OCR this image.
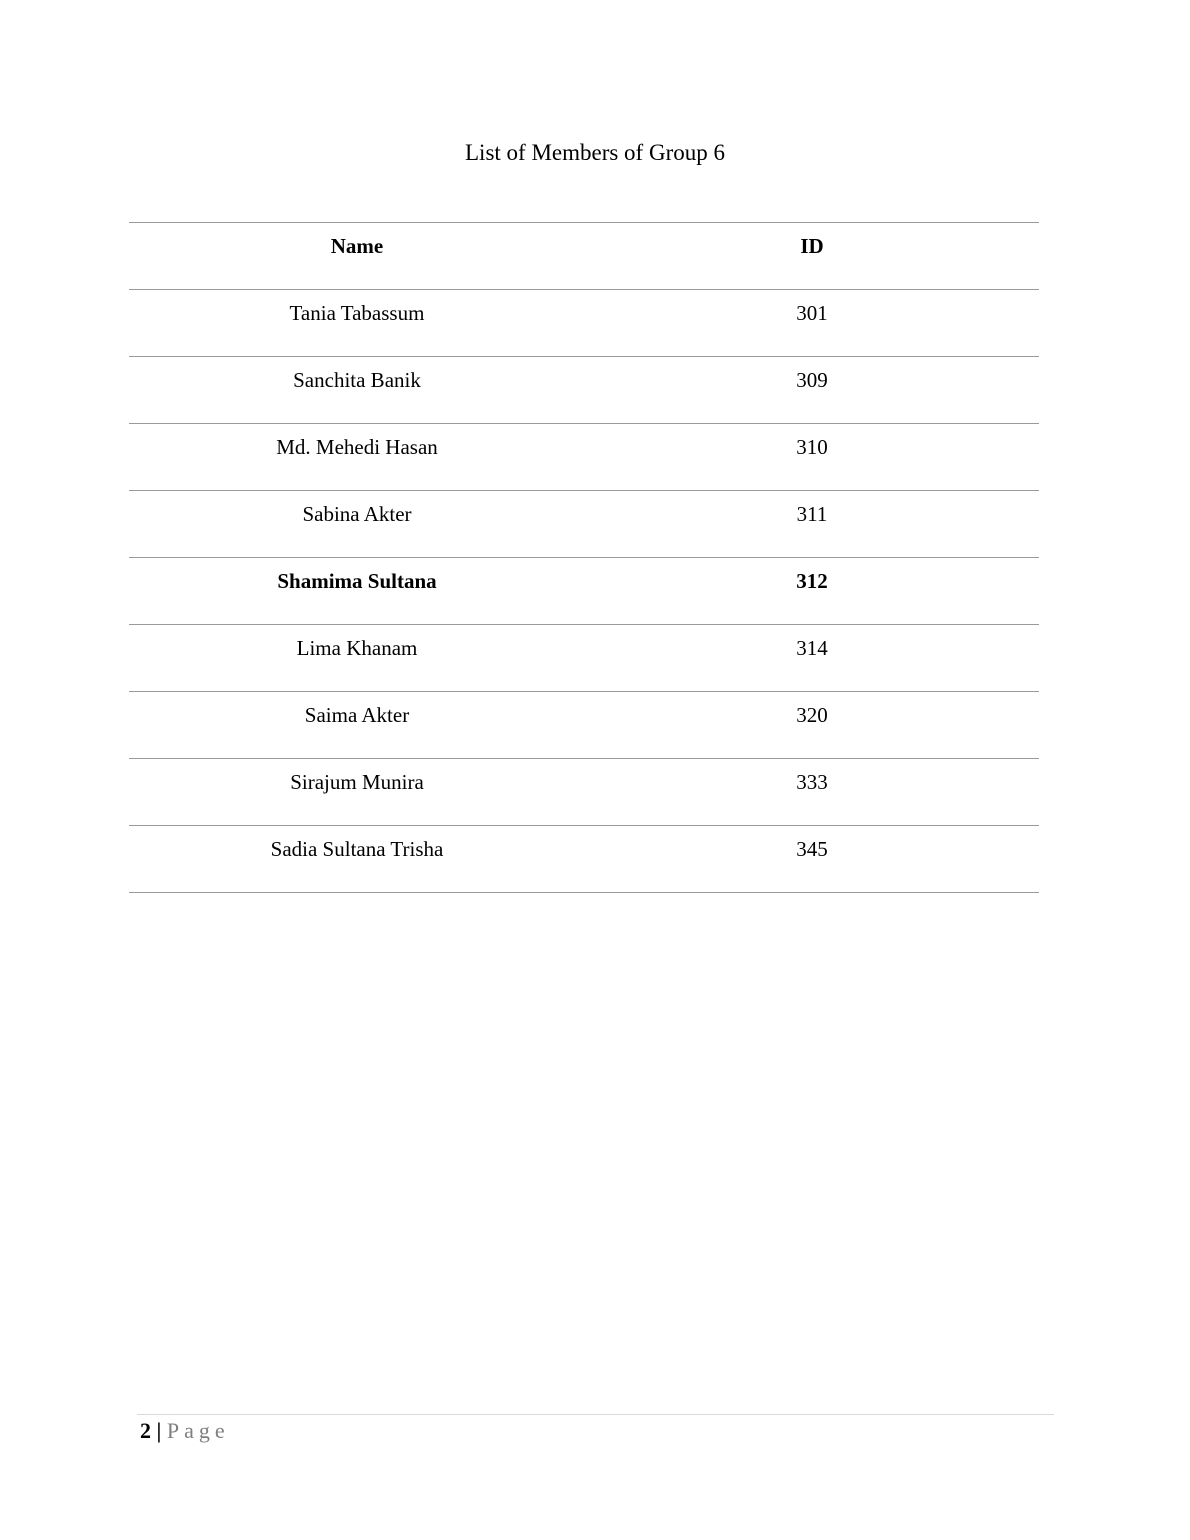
List of Members of Group 6
Name	ID
Tania Tabassum	301
Sanchita Banik	309
Md. Mehedi Hasan	310
Sabina Akter	311
Shamima Sultana	312
Lima Khanam	314
Saima Akter	320
Sirajum Munira	333
Sadia Sultana Trisha	345
2 | Page
